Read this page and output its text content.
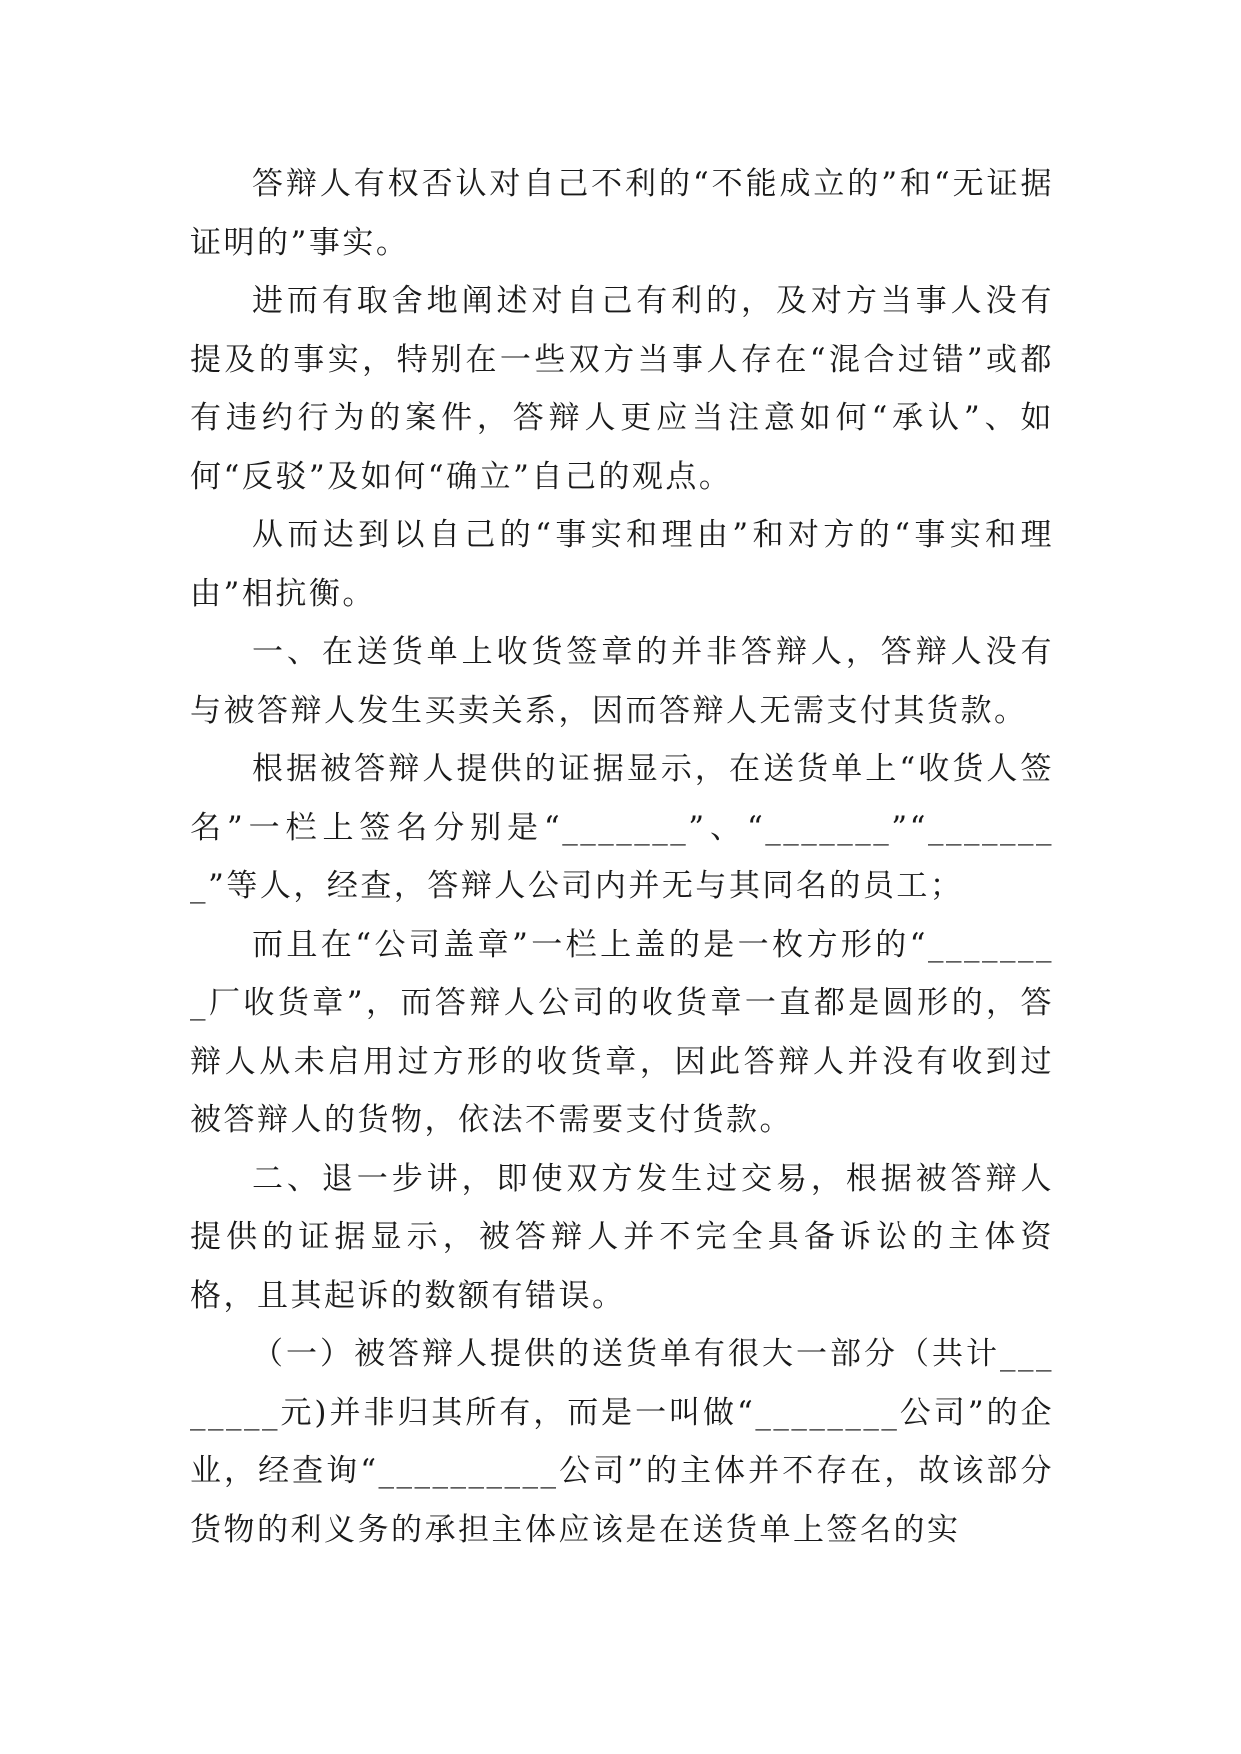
答辩人有权否认对自己不利的“不能成立的”和“无证据证明的”事实。

进而有取舍地阐述对自己有利的，及对方当事人没有提及的事实，特别在一些双方当事人存在“混合过错”或都有违约行为的案件，答辩人更应当注意如何“承认”、如何“反驳”及如何“确立”自己的观点。

从而达到以自己的“事实和理由”和对方的“事实和理由”相抗衡。

一、在送货单上收货签章的并非答辩人，答辩人没有与被答辩人发生买卖关系，因而答辩人无需支付其货款。

根据被答辩人提供的证据显示，在送货单上“收货人签名”一栏上签名分别是“_______”、“_______”“________”等人，经查，答辩人公司内并无与其同名的员工；

而且在“公司盖章”一栏上盖的是一枚方形的“________厂收货章”，而答辩人公司的收货章一直都是圆形的，答辩人从未启用过方形的收货章，因此答辩人并没有收到过被答辩人的货物，依法不需要支付货款。

二、退一步讲，即使双方发生过交易，根据被答辩人提供的证据显示，被答辩人并不完全具备诉讼的主体资格，且其起诉的数额有错误。

（一）被答辩人提供的送货单有很大一部分（共计________元)并非归其所有，而是一叫做“________公司”的企业，经查询“__________公司”的主体并不存在，故该部分货物的利义务的承担主体应该是在送货单上签名的实
